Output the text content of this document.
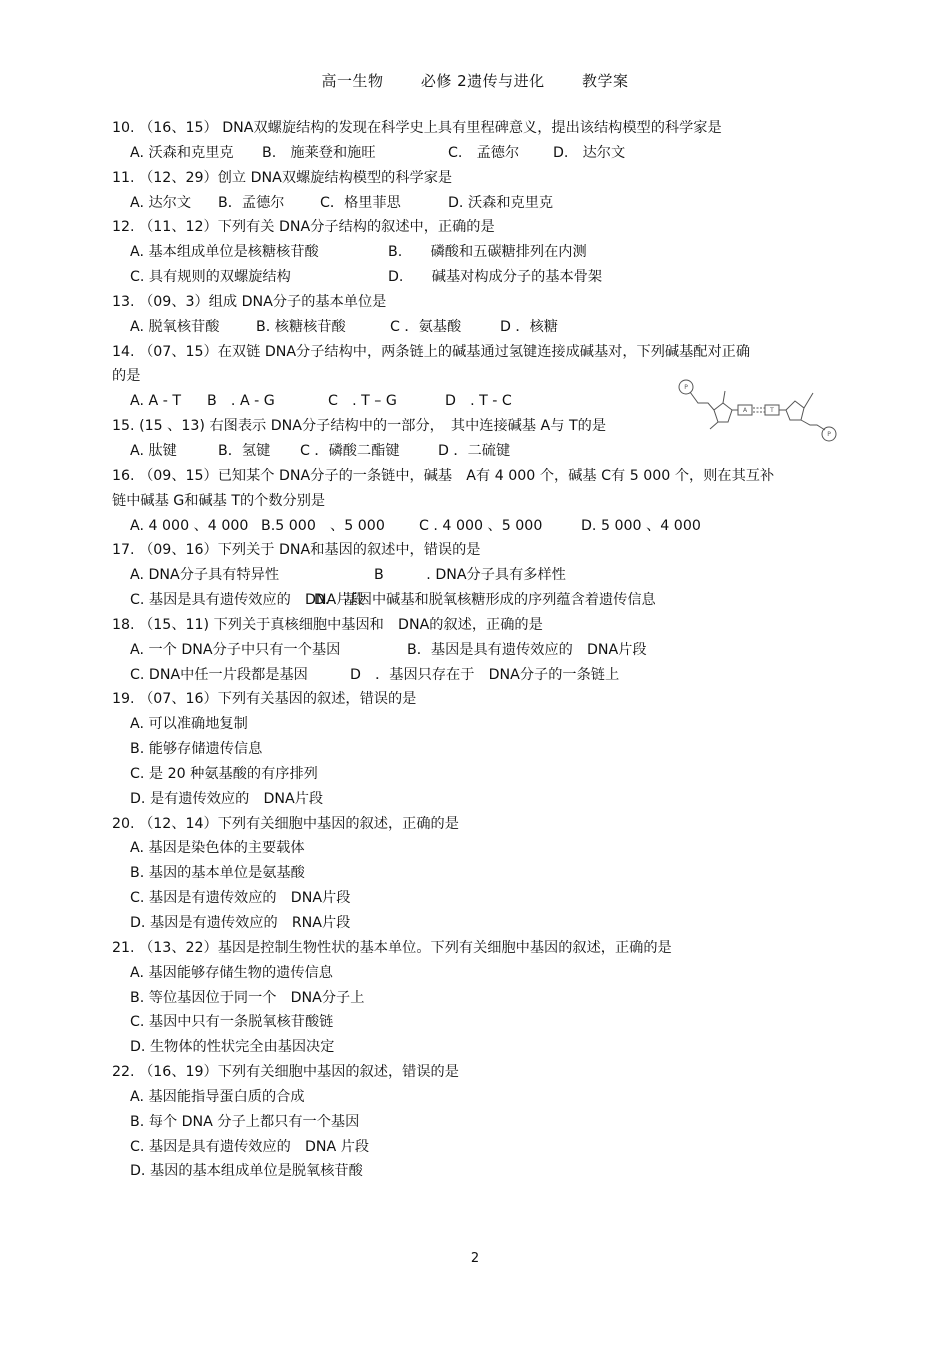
高一生物 必修 2遗传与进化 教学案
10. （16、15） DNA双螺旋结构的发现在科学史上具有里程碑意义，提出该结构模型的科学家是
A. 沃森和克里克	B.　施莱登和施旺	C.　孟德尔	D.　达尔文
11. （12、29）创立 DNA双螺旋结构模型的科学家是
A. 达尔文	B．孟德尔	C．格里菲思	D. 沃森和克里克
12. （11、12）下列有关 DNA分子结构的叙述中，正确的是
A. 基本组成单位是核糖核苷酸	B.　　磷酸和五碳糖排列在内测
C. 具有规则的双螺旋结构	D.　　碱基对构成分子的基本骨架
13. （09、3）组成 DNA分子的基本单位是
A. 脱氧核苷酸	B. 核糖核苷酸	C ．氨基酸	D ．核糖
14. （07、15）在双链 DNA分子结构中，两条链上的碱基通过氢键连接成碱基对，下列碱基配对正确
的是
A. A - T	B　. A - G	C　. T – G	D　. T - C
15. (15 、13) 右图表示 DNA分子结构中的一部分，　其中连接碱基 A与 T的是
A. 肽键	B．氢键	C ．磷酸二酯键	D ．二硫键
16. （09、15）已知某个 DNA分子的一条链中，碱基　A有 4 000 个，碱基 C有 5 000 个，则在其互补
链中碱基 G和碱基 T的个数分别是
A. 4 000 、4 000 B.5 000　、5 000	C . 4 000 、5 000	D. 5 000 、4 000
17. （09、16）下列关于 DNA和基因的叙述中，错误的是
A. DNA分子具有特异性	B　　　. DNA分子具有多样性
C. 基因是具有遗传效应的　DNA片段
D． 基因中碱基和脱氧核糖形成的序列蕴含着遗传信息
18. （15、11) 下列关于真核细胞中基因和　DNA的叙述，正确的是
A. 一个 DNA分子中只有一个基因	B．基因是具有遗传效应的　DNA片段
C. DNA中任一片段都是基因	D　．基因只存在于　DNA分子的一条链上
19. （07、16）下列有关基因的叙述，错误的是
A. 可以准确地复制
B. 能够存储遗传信息
C. 是 20 种氨基酸的有序排列
D. 是有遗传效应的　DNA片段
20. （12、14）下列有关细胞中基因的叙述，正确的是
A. 基因是染色体的主要载体
B. 基因的基本单位是氨基酸
C. 基因是有遗传效应的　DNA片段
D. 基因是有遗传效应的　RNA片段
21. （13、22）基因是控制生物性状的基本单位。下列有关细胞中基因的叙述，正确的是
A. 基因能够存储生物的遗传信息
B. 等位基因位于同一个　DNA分子上
C. 基因中只有一条脱氧核苷酸链
D. 生物体的性状完全由基因决定
22. （16、19）下列有关细胞中基因的叙述，错误的是
A. 基因能指导蛋白质的合成
B. 每个 DNA 分子上都只有一个基因
C. 基因是具有遗传效应的　DNA 片段
D. 基因的基本组成单位是脱氧核苷酸
P
A	T
P
2
